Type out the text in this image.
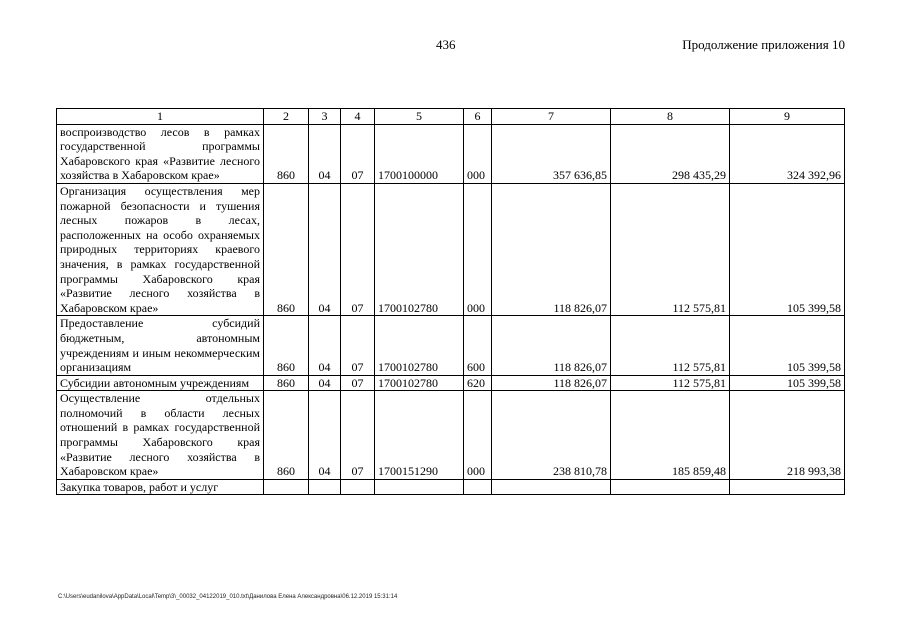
436	Продолжение приложения 10
1	2	3	4	5	6	7	8	9
воспроизводство лесов в рамках государственной программы Хабаровского края «Развитие лесного хозяйства в Хабаровском крае»	860	04	07	1700100000	000	357 636,85	298 435,29	324 392,96
Организация осуществления мер пожарной безопасности и тушения лесных пожаров в лесах, расположенных на особо охраняемых природных территориях краевого значения, в рамках государственной программы Хабаровского края «Развитие лесного хозяйства в Хабаровском крае»	860	04	07	1700102780	000	118 826,07	112 575,81	105 399,58
Предоставление субсидий бюджетным, автономным учреждениям и иным некоммерческим организациям	860	04	07	1700102780	600	118 826,07	112 575,81	105 399,58
Субсидии автономным учреждениям	860	04	07	1700102780	620	118 826,07	112 575,81	105 399,58
Осуществление отдельных полномочий в области лесных отношений в рамках государственной программы Хабаровского края «Развитие лесного хозяйства в Хабаровском крае»	860	04	07	1700151290	000	238 810,78	185 859,48	218 993,38
Закупка товаров, работ и услуг								
C:\Users\eudanilova\AppData\Local\Temp\3\_00032_04122019_010.txt\Данилова Елена Александровна\06.12.2019 15:31:14
